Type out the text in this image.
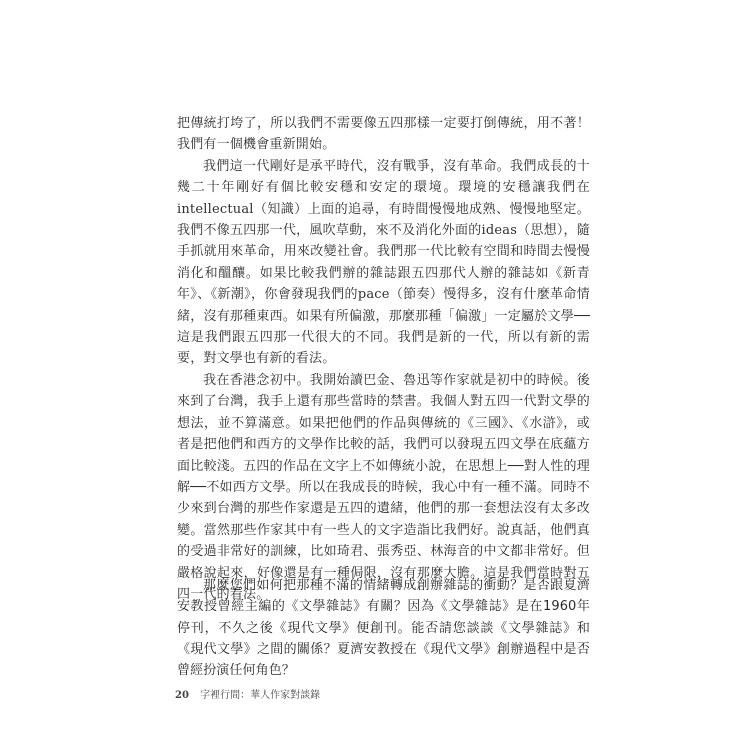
把傳統打垮了，所以我們不需要像五四那樣一定要打倒傳統，用不著！我們有一個機會重新開始。

我們這一代剛好是承平時代，沒有戰爭，沒有革命。我們成長的十幾二十年剛好有個比較安穩和安定的環境。環境的安穩讓我們在intellectual（知識）上面的追尋，有時間慢慢地成熟、慢慢地堅定。我們不像五四那一代，風吹草動，來不及消化外面的ideas（思想），隨手抓就用來革命，用來改變社會。我們那一代比較有空間和時間去慢慢消化和醞釀。如果比較我們辦的雜誌跟五四那代人辦的雜誌如《新青年》、《新潮》，你會發現我們的pace（節奏）慢得多，沒有什麼革命情緒，沒有那種東西。如果有所偏激，那麼那種「偏激」一定屬於文學──這是我們跟五四那一代很大的不同。我們是新的一代，所以有新的需要，對文學也有新的看法。

我在香港念初中。我開始讀巴金、魯迅等作家就是初中的時候。後來到了台灣，我手上還有那些當時的禁書。我個人對五四一代對文學的想法，並不算滿意。如果把他們的作品與傳統的《三國》、《水滸》，或者是把他們和西方的文學作比較的話，我們可以發現五四文學在底蘊方面比較淺。五四的作品在文字上不如傳統小說，在思想上──對人性的理解──不如西方文學。所以在我成長的時候，我心中有一種不滿。同時不少來到台灣的那些作家還是五四的遺緒，他們的那一套想法沒有太多改變。當然那些作家其中有一些人的文字造詣比我們好。說真話，他們真的受過非常好的訓練，比如琦君、張秀亞、林海音的中文都非常好。但嚴格說起來，好像還是有一種侷限，沒有那麼大膽。這是我們當時對五四一代的看法。

那麼您們如何把那種不滿的情緒轉成創辦雜誌的衝動？是否跟夏濟安教授曾經主編的《文學雜誌》有關？因為《文學雜誌》是在1960年停刊，不久之後《現代文學》便創刊。能否請您談談《文學雜誌》和《現代文學》之間的關係？夏濟安教授在《現代文學》創辦過程中是否曾經扮演任何角色？
20 字裡行間：華人作家對談錄
